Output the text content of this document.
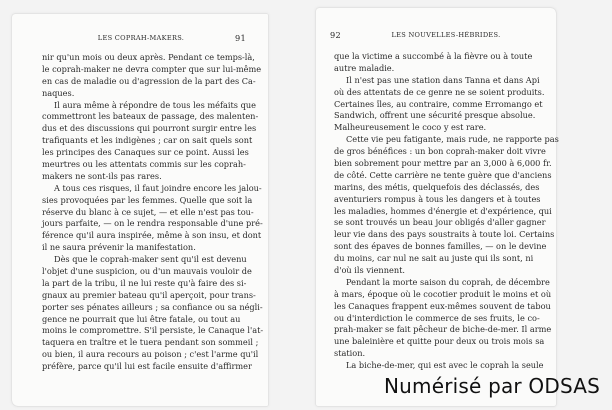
LES COPRAH-MAKERS.	91
nir qu'un mois ou deux après. Pendant ce temps-là,
le coprah-maker ne devra compter que sur lui-même
en cas de maladie ou d'agression de la part des Ca-
naques.
Il aura même à répondre de tous les méfaits que
commettront les bateaux de passage, des malenten-
dus et des discussions qui pourront surgir entre les
trafiquants et les indigènes ; car on sait quels sont
les principes des Canaques sur ce point. Aussi les
meurtres ou les attentats commis sur les coprah-
makers ne sont-ils pas rares.
A tous ces risques, il faut joindre encore les jalou-
sies provoquées par les femmes. Quelle que soit la
réserve du blanc à ce sujet, — et elle n'est pas tou-
jours parfaite, — on le rendra responsable d'une pré-
férence qu'il aura inspirée, même à son insu, et dont
il ne saura prévenir la manifestation.
Dès que le coprah-maker sent qu'il est devenu
l'objet d'une suspicion, ou d'un mauvais vouloir de
la part de la tribu, il ne lui reste qu'à faire des si-
gnaux au premier bateau qu'il aperçoit, pour trans-
porter ses pénates ailleurs ; sa confiance ou sa négli-
gence ne pourrait que lui être fatale, ou tout au
moins le compromettre. S'il persiste, le Canaque l'at-
taquera en traître et le tuera pendant son sommeil ;
ou bien, il aura recours au poison ; c'est l'arme qu'il
préfère, parce qu'il lui est facile ensuite d'affirmer
92	LES NOUVELLES-HÉBRIDES.
que la victime a succombé à la fièvre ou à toute
autre maladie.
Il n'est pas une station dans Tanna et dans Api
où des attentats de ce genre ne se soient produits.
Certaines îles, au contraire, comme Erromango et
Sandwich, offrent une sécurité presque absolue.
Malheureusement le coco y est rare.
Cette vie peu fatigante, mais rude, ne rapporte pas
de gros bénéfices : un bon coprah-maker doit vivre
bien sobrement pour mettre par an 3,000 à 6,000 fr.
de côté. Cette carrière ne tente guère que d'anciens
marins, des métis, quelquefois des déclassés, des
aventuriers rompus à tous les dangers et à toutes
les maladies, hommes d'énergie et d'expérience, qui
se sont trouvés un beau jour obligés d'aller gagner
leur vie dans des pays soustraits à toute loi. Certains
sont des épaves de bonnes familles, — on le devine
du moins, car nul ne sait au juste qui ils sont, ni
d'où ils viennent.
Pendant la morte saison du coprah, de décembre
à mars, époque où le cocotier produit le moins et où
les Canaques frappent eux-mêmes souvent de tabou
ou d'interdiction le commerce de ses fruits, le co-
prah-maker se fait pêcheur de biche-de-mer. Il arme
une baleinière et quitte pour deux ou trois mois sa
station.
La biche-de-mer, qui est avec le coprah la seule
Numérisé par ODSAS
